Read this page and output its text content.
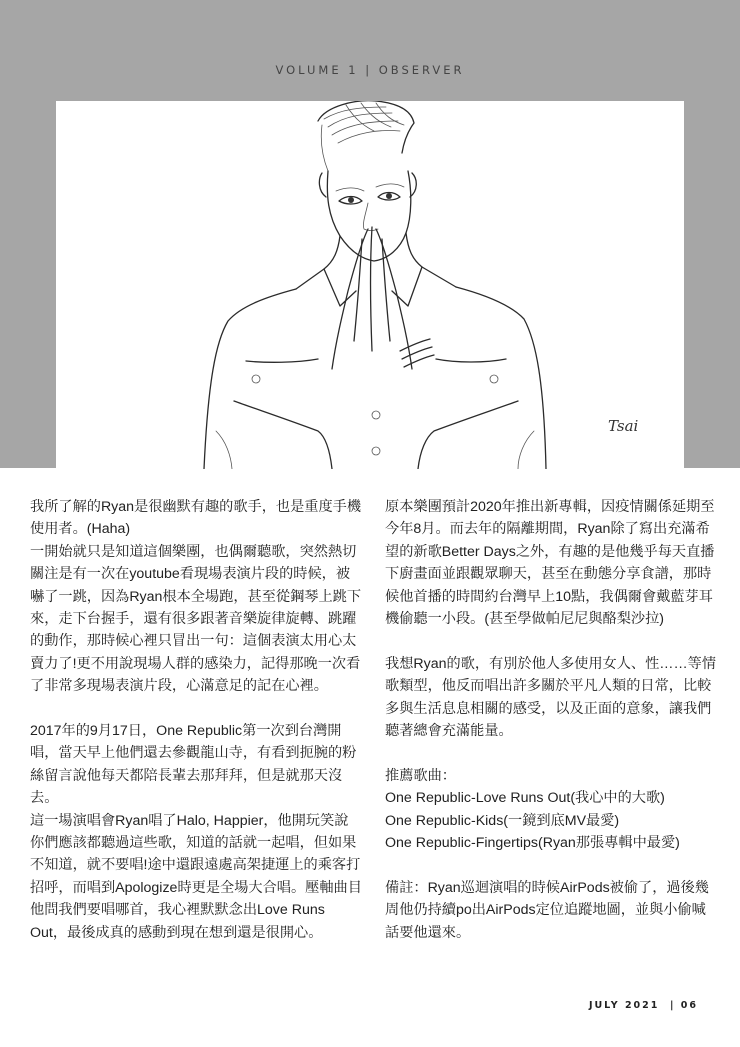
VOLUME 1 | OBSERVER
Tsai

我所了解的Ryan是很幽默有趣的歌手，也是重度手機使用者。(Haha)

一開始就只是知道這個樂團，也偶爾聽歌，突然熱切關注是有一次在youtube看現場表演片段的時候，被嚇了一跳，因為Ryan根本全場跑，甚至從鋼琴上跳下來，走下台握手，還有很多跟著音樂旋律旋轉、跳躍的動作，那時候心裡只冒出一句：這個表演太用心太賣力了!更不用說現場人群的感染力，記得那晚一次看了非常多現場表演片段，心滿意足的記在心裡。

2017年的9月17日，One Republic第一次到台灣開唱，當天早上他們還去參觀龍山寺，有看到扼腕的粉絲留言說他每天都陪長輩去那拜拜，但是就那天沒去。

這一場演唱會Ryan唱了Halo, Happier，他開玩笑說你們應該都聽過這些歌，知道的話就一起唱，但如果不知道，就不要唱!途中還跟遠處高架捷運上的乘客打招呼，而唱到Apologize時更是全場大合唱。壓軸曲目他問我們要唱哪首，我心裡默默念出Love Runs Out，最後成真的感動到現在想到還是很開心。

原本樂團預計2020年推出新專輯，因疫情關係延期至今年8月。而去年的隔離期間，Ryan除了寫出充滿希望的新歌Better Days之外，有趣的是他幾乎每天直播下廚畫面並跟觀眾聊天，甚至在動態分享食譜，那時候他首播的時間約台灣早上10點，我偶爾會戴藍芽耳機偷聽一小段。(甚至學做帕尼尼與酪梨沙拉)

我想Ryan的歌，有別於他人多使用女人、性……等情歌類型，他反而唱出許多關於平凡人類的日常，比較多與生活息息相關的感受，以及正面的意象，讓我們聽著總會充滿能量。

推薦歌曲：

One Republic-Love Runs Out(我心中的大歌)

One Republic-Kids(一鏡到底MV最愛)

One Republic-Fingertips(Ryan那張專輯中最愛)

備註：Ryan巡迴演唱的時候AirPods被偷了，過後幾周他仍持續po出AirPods定位追蹤地圖，並與小偷喊話要他還來。

JULY 2021  | 06
